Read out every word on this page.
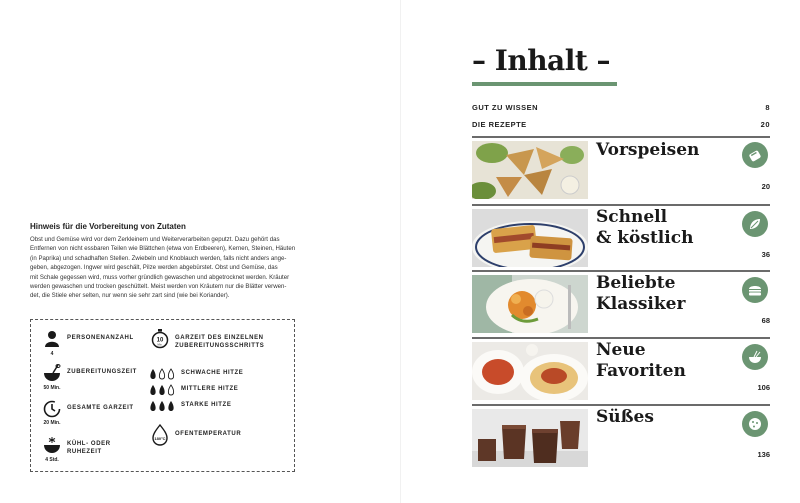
Hinweis für die Vorbereitung von Zutaten
Obst und Gemüse wird vor dem Zerkleinern und Weiterverarbeiten geputzt. Dazu gehört das
Entfernen von nicht essbaren Teilen wie Blättchen (etwa von Erdbeeren), Kernen, Steinen, Häuten
(in Paprika) und schadhaften Stellen. Zwiebeln und Knoblauch werden, falls nicht anders ange-
geben, abgezogen. Ingwer wird geschält, Pilze werden abgebürstet. Obst und Gemüse, das
mit Schale gegessen wird, muss vorher gründlich gewaschen und abgetrocknet werden. Kräuter
werden gewaschen und trocken geschüttelt. Meist werden von Kräutern nur die Blätter verwen-
det, die Stiele eher selten, nur wenn sie sehr zart sind (wie bei Koriander).
PERSONENANZAHL
4
ZUBEREITUNGSZEIT
50 Min.
GESAMTE GARZEIT
20 Min.
KÜHL- ODER
RUHEZEIT
4 Std.
10
Min.
GARZEIT DES EINZELNEN
ZUBEREITUNGSSCHRITTS
SCHWACHE HITZE
MITTLERE HITZE
STARKE HITZE
180°C
OFENTEMPERATUR
– Inhalt –
GUT ZU WISSEN	8
DIE REZEPTE	20
Vorspeisen
20
Schnell
& köstlich
36
Beliebte
Klassiker
68
Neue
Favoriten
106
Süßes
136
